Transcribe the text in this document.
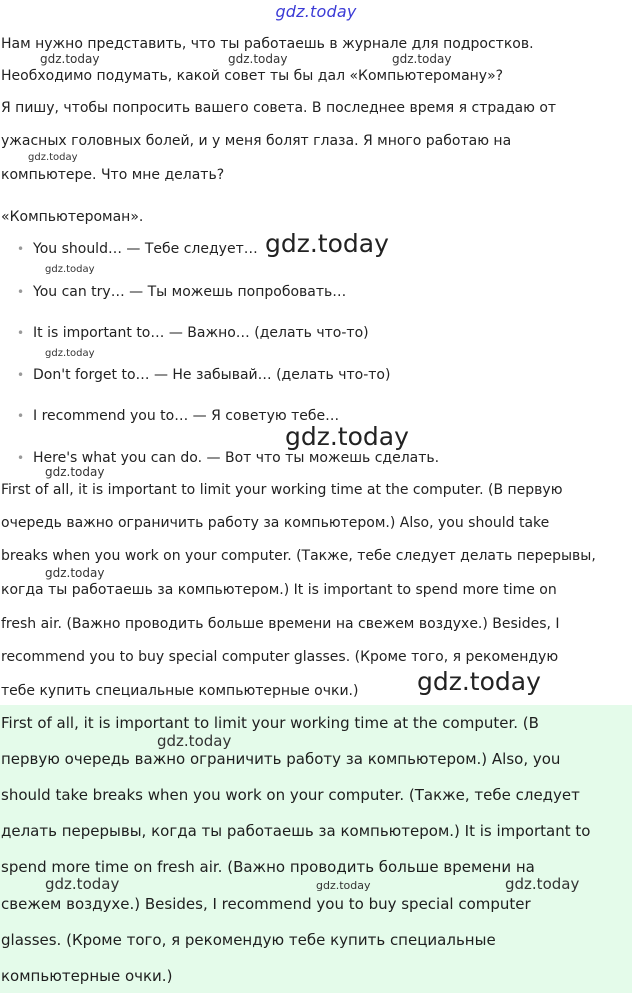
gdz.today
Нам нужно представить, что ты работаешь в журнале для подростков.
gdz.today	gdz.today	gdz.today
Необходимо подумать, какой совет ты бы дал «Компьютероману»?
Я пишу, чтобы попросить вашего совета. В последнее время я страдаю от
ужасных головных болей, и у меня болят глаза. Я много работаю на
gdz.today
компьютере. Что мне делать?
«Компьютероман».
• You should… — Тебе следует… gdz.today
gdz.today
• You can try… — Ты можешь попробовать…
• It is important to… — Важно… (делать что-то)
gdz.today
• Don't forget to… — Не забывай… (делать что-то)
• I recommend you to… — Я советую тебе…
gdz.today
• Here's what you can do. — Вот что ты можешь сделать.
gdz.today
First of all, it is important to limit your working time at the computer. (В первую
очередь важно ограничить работу за компьютером.) Also, you should take
breaks when you work on your computer. (Также, тебе следует делать перерывы,
gdz.today
когда ты работаешь за компьютером.) It is important to spend more time on
fresh air. (Важно проводить больше времени на свежем воздухе.) Besides, I
recommend you to buy special computer glasses. (Кроме того, я рекомендую
тебе купить специальные компьютерные очки.) gdz.today
First of all, it is important to limit your working time at the computer. (В
gdz.today
первую очередь важно ограничить работу за компьютером.) Also, you
should take breaks when you work on your computer. (Также, тебе следует
делать перерывы, когда ты работаешь за компьютером.) It is important to
spend more time on fresh air. (Важно проводить больше времени на
gdz.today	gdz.today	gdz.today
свежем воздухе.) Besides, I recommend you to buy special computer
glasses. (Кроме того, я рекомендую тебе купить специальные
компьютерные очки.)
